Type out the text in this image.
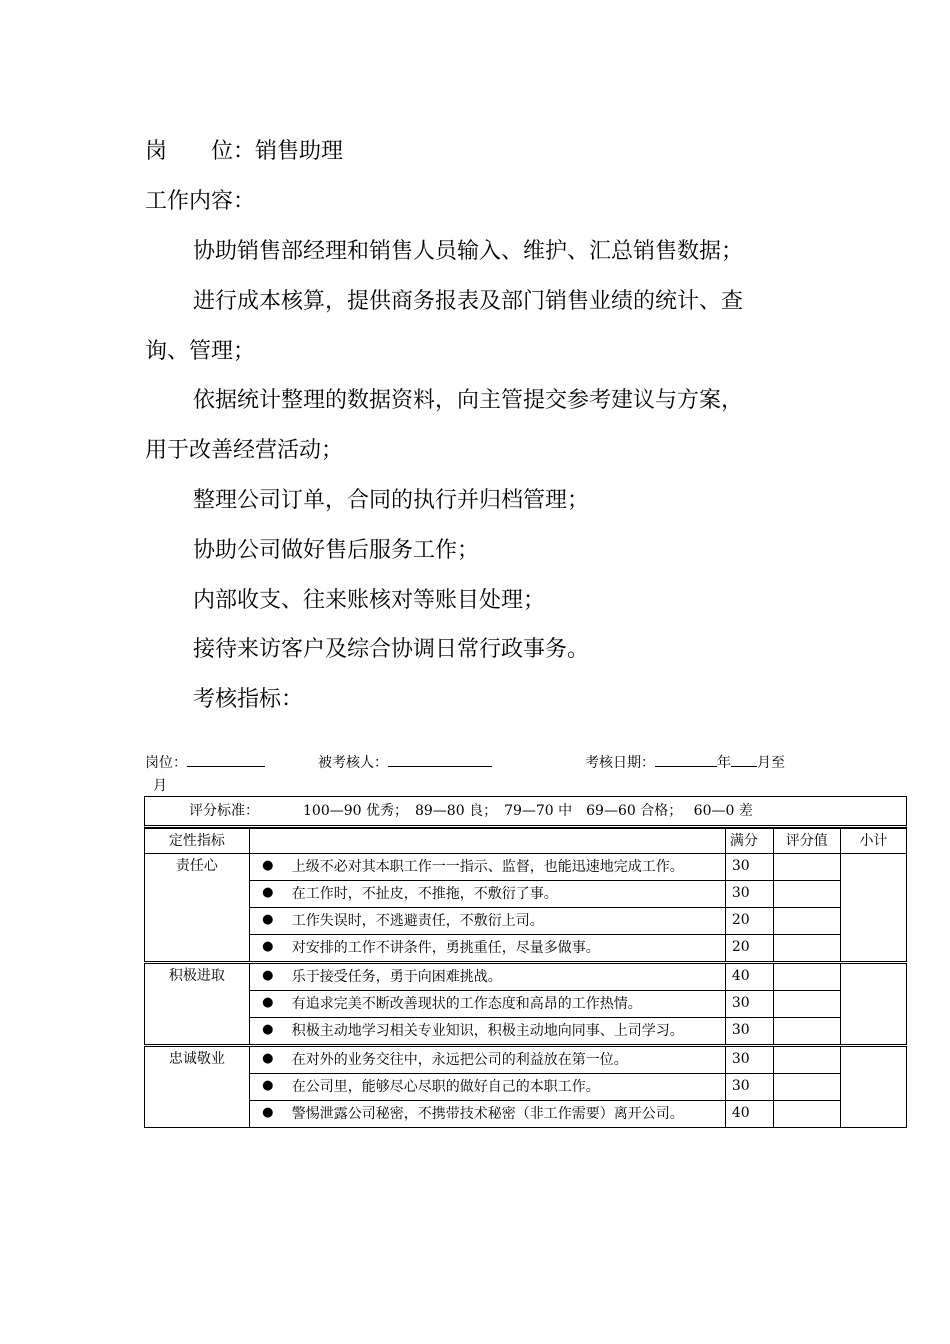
岗　　位：销售助理
工作内容：
协助销售部经理和销售人员输入、维护、汇总销售数据；
进行成本核算，提供商务报表及部门销售业绩的统计、查
询、管理；
依据统计整理的数据资料，向主管提交参考建议与方案，
用于改善经营活动；
整理公司订单，合同的执行并归档管理；
协助公司做好售后服务工作；
内部收支、往来账核对等账目处理；
接待来访客户及综合协调日常行政事务。
考核指标：
岗位：	被考核人：	考核日期：	年 月至
月
评分标准：	100—90 优秀；　89—80 良；　79—70 中　69—60 合格；　 60—0 差
定性指标			满分	评分值	小计
责任心	●	上级不必对其本职工作一一指示、监督，也能迅速地完成工作。	30		
	●	在工作时，不扯皮，不推拖，不敷衍了事。	30		
	●	工作失误时，不逃避责任，不敷衍上司。	20		
	●	对安排的工作不讲条件，勇挑重任，尽量多做事。	20		
积极进取	●	乐于接受任务，勇于向困难挑战。	40		
	●	有追求完美不断改善现状的工作态度和高昂的工作热情。	30		
	●	积极主动地学习相关专业知识，积极主动地向同事、上司学习。	30		
忠诚敬业	●	在对外的业务交往中，永远把公司的利益放在第一位。	30		
	●	在公司里，能够尽心尽职的做好自己的本职工作。	30		
	●	警惕泄露公司秘密，不携带技术秘密（非工作需要）离开公司。	40		
